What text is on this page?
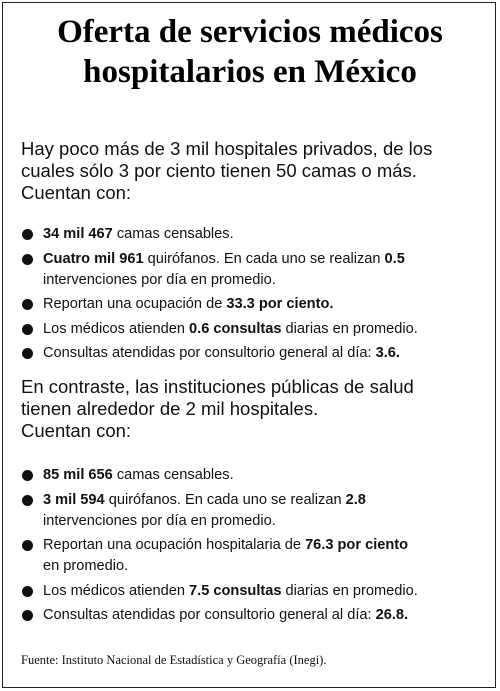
Oferta de servicios médicos
hospitalarios en México
Hay poco más de 3 mil hospitales privados, de los
cuales sólo 3 por ciento tienen 50 camas o más.
Cuentan con:
34 mil 467 camas censables.
Cuatro mil 961 quirófanos. En cada uno se realizan 0.5
intervenciones por día en promedio.
Reportan una ocupación de 33.3 por ciento.
Los médicos atienden 0.6 consultas diarias en promedio.
Consultas atendidas por consultorio general al día: 3.6.
En contraste, las instituciones públicas de salud
tienen alrededor de 2 mil hospitales.
Cuentan con:
85 mil 656 camas censables.
3 mil 594 quirófanos. En cada uno se realizan 2.8
intervenciones por día en promedio.
Reportan una ocupación hospitalaria de 76.3 por ciento
en promedio.
Los médicos atienden 7.5 consultas diarias en promedio.
Consultas atendidas por consultorio general al día: 26.8.
Fuente: Instituto Nacional de Estadística y Geografía (Inegi).
